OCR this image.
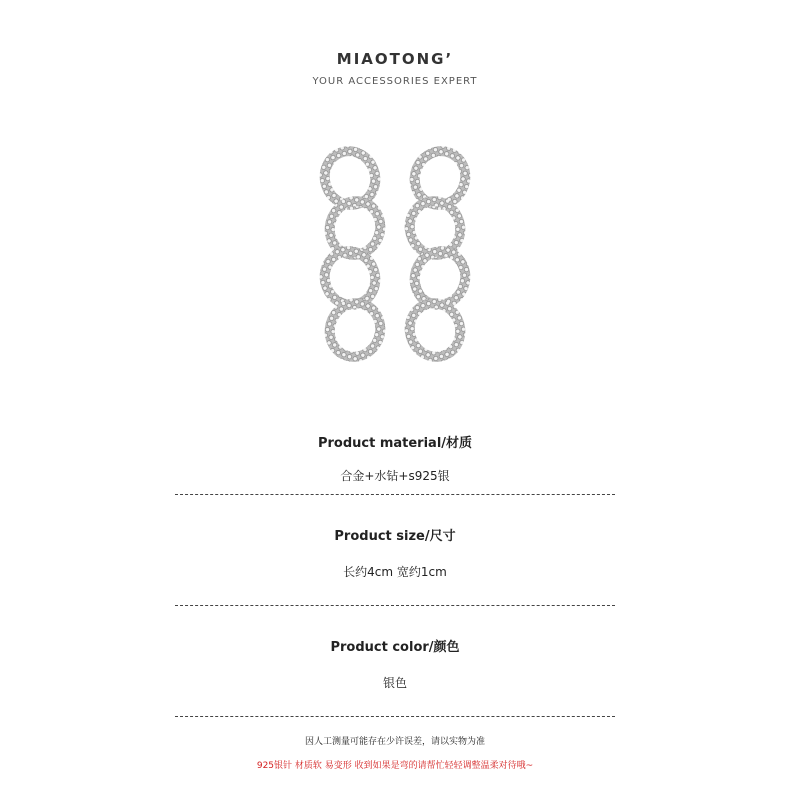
MIAOTONG’
YOUR ACCESSORIES EXPERT
Product material/材质
合金+水钻+s925银
Product size/尺寸
长约4cm 宽约1cm
Product color/颜色
银色
因人工测量可能存在少许误差，请以实物为准
925银针 材质软 易变形 收到如果是弯的请帮忙轻轻调整温柔对待哦~
